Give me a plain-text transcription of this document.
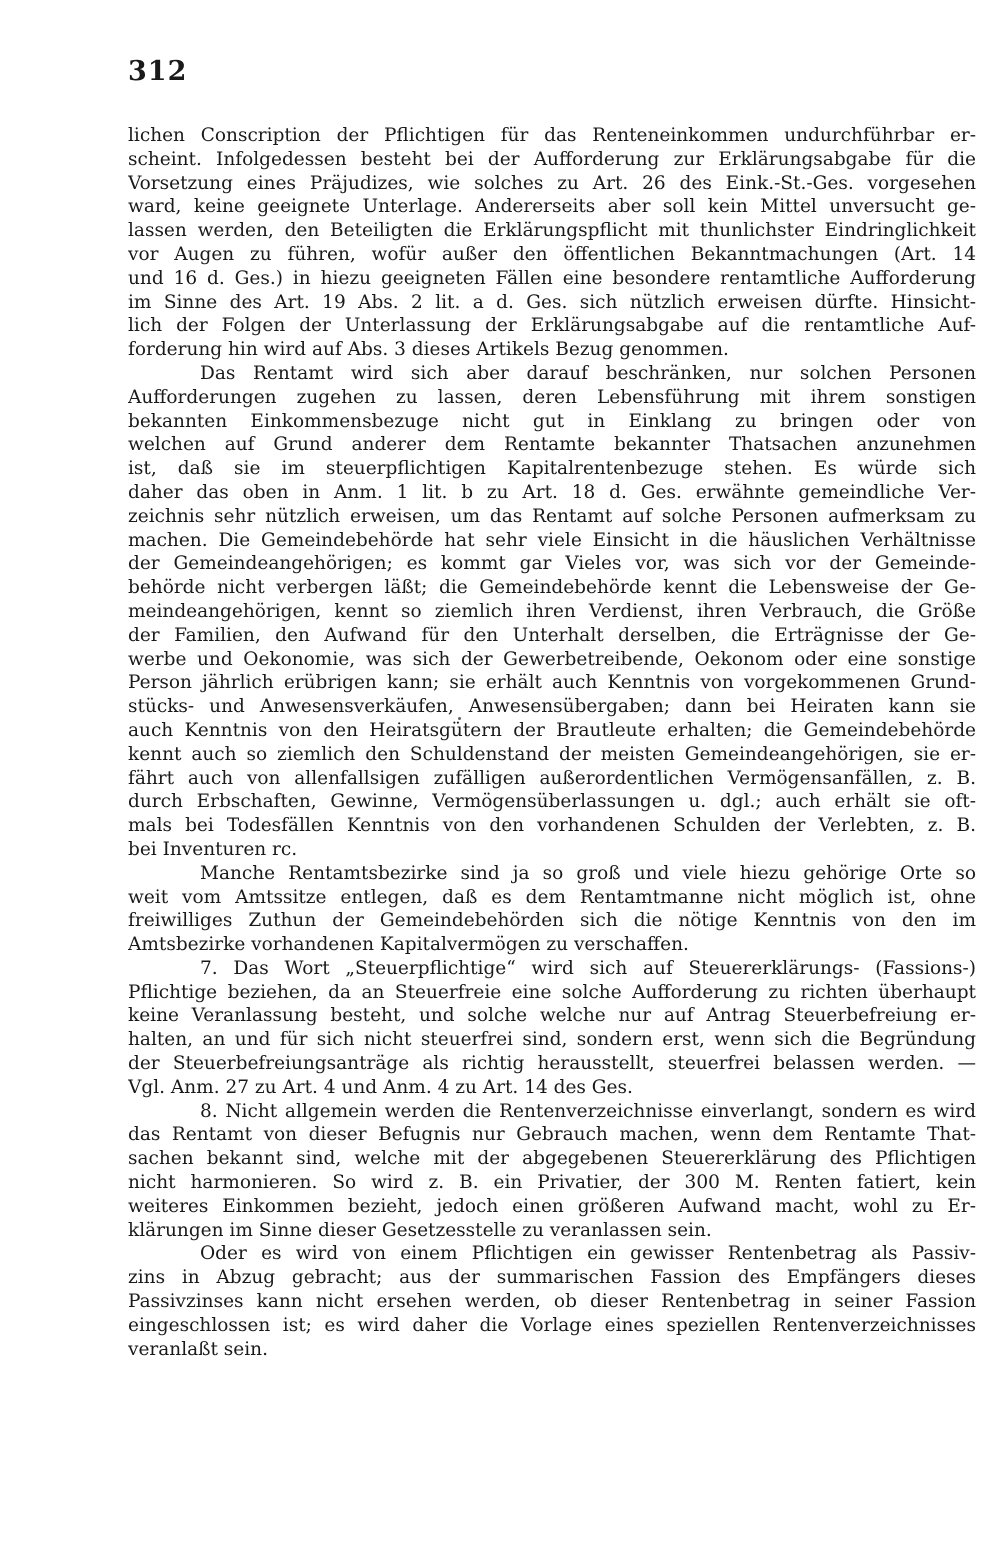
312
lichen Conscription der Pflichtigen für das Renteneinkommen undurchführbar er-
scheint. Infolgedessen besteht bei der Aufforderung zur Erklärungsabgabe für die
Vorsetzung eines Präjudizes, wie solches zu Art. 26 des Eink.-St.-Ges. vorgesehen
ward, keine geeignete Unterlage. Andererseits aber soll kein Mittel unversucht ge-
lassen werden, den Beteiligten die Erklärungspflicht mit thunlichster Eindringlichkeit
vor Augen zu führen, wofür außer den öffentlichen Bekanntmachungen (Art. 14
und 16 d. Ges.) in hiezu geeigneten Fällen eine besondere rentamtliche Aufforderung
im Sinne des Art. 19 Abs. 2 lit. a d. Ges. sich nützlich erweisen dürfte. Hinsicht-
lich der Folgen der Unterlassung der Erklärungsabgabe auf die rentamtliche Auf-
forderung hin wird auf Abs. 3 dieses Artikels Bezug genommen.
Das Rentamt wird sich aber darauf beschränken, nur solchen Personen
Aufforderungen zugehen zu lassen, deren Lebensführung mit ihrem sonstigen
bekannten Einkommensbezuge nicht gut in Einklang zu bringen oder von
welchen auf Grund anderer dem Rentamte bekannter Thatsachen anzunehmen
ist, daß sie im steuerpflichtigen Kapitalrentenbezuge stehen. Es würde sich
daher das oben in Anm. 1 lit. b zu Art. 18 d. Ges. erwähnte gemeindliche Ver-
zeichnis sehr nützlich erweisen, um das Rentamt auf solche Personen aufmerksam zu
machen. Die Gemeindebehörde hat sehr viele Einsicht in die häuslichen Verhältnisse
der Gemeindeangehörigen; es kommt gar Vieles vor, was sich vor der Gemeinde-
behörde nicht verbergen läßt; die Gemeindebehörde kennt die Lebensweise der Ge-
meindeangehörigen, kennt so ziemlich ihren Verdienst, ihren Verbrauch, die Größe
der Familien, den Aufwand für den Unterhalt derselben, die Erträgnisse der Ge-
werbe und Oekonomie, was sich der Gewerbetreibende, Oekonom oder eine sonstige
Person jährlich erübrigen kann; sie erhält auch Kenntnis von vorgekommenen Grund-
stücks- und Anwesensverkäufen, Anwesensübergaben; dann bei Heiraten kann sie
auch Kenntnis von den Heiratsgütern der Brautleute erhalten; die Gemeindebehörde
kennt auch so ziemlich den Schuldenstand der meisten Gemeindeangehörigen, sie er-
fährt auch von allenfallsigen zufälligen außerordentlichen Vermögensanfällen, z. B.
durch Erbschaften, Gewinne, Vermögensüberlassungen u. dgl.; auch erhält sie oft-
mals bei Todesfällen Kenntnis von den vorhandenen Schulden der Verlebten, z. B.
bei Inventuren rc.
Manche Rentamtsbezirke sind ja so groß und viele hiezu gehörige Orte so
weit vom Amtssitze entlegen, daß es dem Rentamtmanne nicht möglich ist, ohne
freiwilliges Zuthun der Gemeindebehörden sich die nötige Kenntnis von den im
Amtsbezirke vorhandenen Kapitalvermögen zu verschaffen.
7. Das Wort „Steuerpflichtige“ wird sich auf Steuererklärungs- (Fassions-)
Pflichtige beziehen, da an Steuerfreie eine solche Aufforderung zu richten überhaupt
keine Veranlassung besteht, und solche welche nur auf Antrag Steuerbefreiung er-
halten, an und für sich nicht steuerfrei sind, sondern erst, wenn sich die Begründung
der Steuerbefreiungsanträge als richtig herausstellt, steuerfrei belassen werden. —
Vgl. Anm. 27 zu Art. 4 und Anm. 4 zu Art. 14 des Ges.
8. Nicht allgemein werden die Rentenverzeichnisse einverlangt, sondern es wird
das Rentamt von dieser Befugnis nur Gebrauch machen, wenn dem Rentamte That-
sachen bekannt sind, welche mit der abgegebenen Steuererklärung des Pflichtigen
nicht harmonieren. So wird z. B. ein Privatier, der 300 M. Renten fatiert, kein
weiteres Einkommen bezieht, jedoch einen größeren Aufwand macht, wohl zu Er-
klärungen im Sinne dieser Gesetzesstelle zu veranlassen sein.
Oder es wird von einem Pflichtigen ein gewisser Rentenbetrag als Passiv-
zins in Abzug gebracht; aus der summarischen Fassion des Empfängers dieses
Passivzinses kann nicht ersehen werden, ob dieser Rentenbetrag in seiner Fassion
eingeschlossen ist; es wird daher die Vorlage eines speziellen Rentenverzeichnisses
veranlaßt sein.
